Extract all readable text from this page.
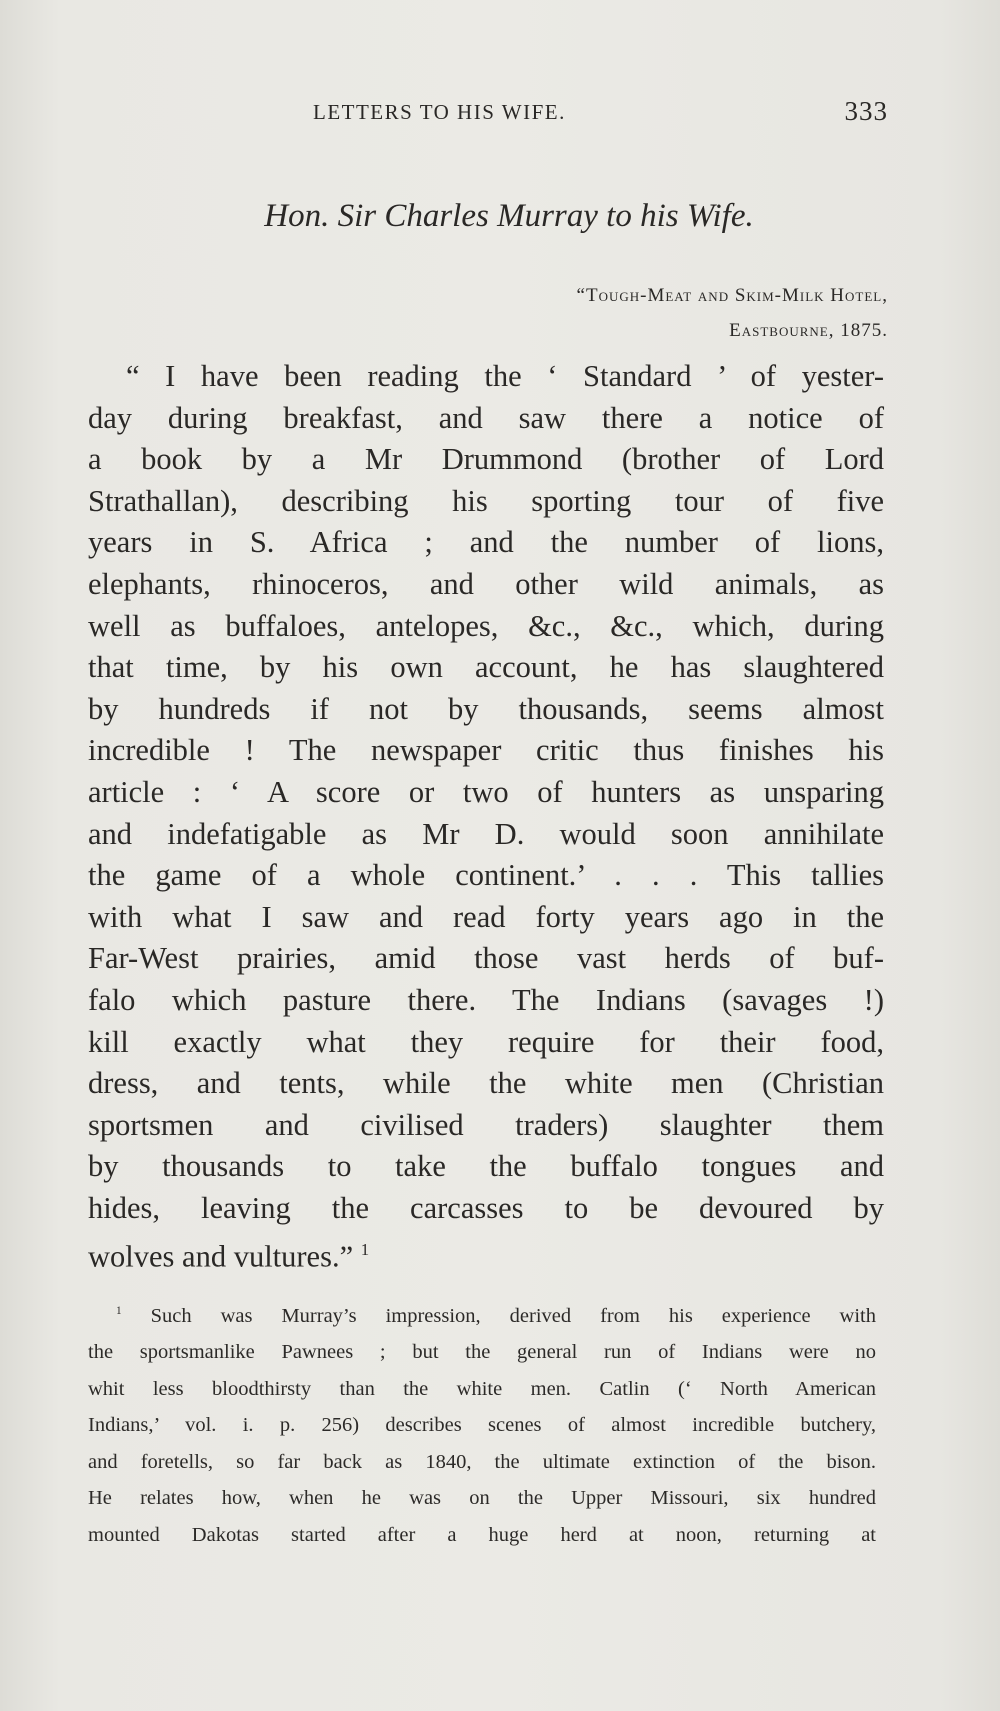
LETTERS TO HIS WIFE.	333
Hon. Sir Charles Murray to his Wife.
“Tough-Meat and Skim-Milk Hotel,
Eastbourne, 1875.
“ I have been reading the ‘ Standard ’ of yester-
day during breakfast, and saw there a notice of
a book by a Mr Drummond (brother of Lord
Strathallan), describing his sporting tour of five
years in S. Africa ; and the number of lions,
elephants, rhinoceros, and other wild animals, as
well as buffaloes, antelopes, &c., &c., which, during
that time, by his own account, he has slaughtered
by hundreds if not by thousands, seems almost
incredible ! The newspaper critic thus finishes his
article : ‘ A score or two of hunters as unsparing
and indefatigable as Mr D. would soon annihilate
the game of a whole continent.’ . . . This tallies
with what I saw and read forty years ago in the
Far-West prairies, amid those vast herds of buf-
falo which pasture there. The Indians (savages !)
kill exactly what they require for their food,
dress, and tents, while the white men (Christian
sportsmen and civilised traders) slaughter them
by thousands to take the buffalo tongues and
hides, leaving the carcasses to be devoured by
wolves and vultures.” $^1$
$^1$ Such was Murray’s impression, derived from his experience with
the sportsmanlike Pawnees ; but the general run of Indians were no
whit less bloodthirsty than the white men. Catlin (‘ North American
Indians,’ vol. i. p. 256) describes scenes of almost incredible butchery,
and foretells, so far back as 1840, the ultimate extinction of the bison.
He relates how, when he was on the Upper Missouri, six hundred
mounted Dakotas started after a huge herd at noon, returning at
